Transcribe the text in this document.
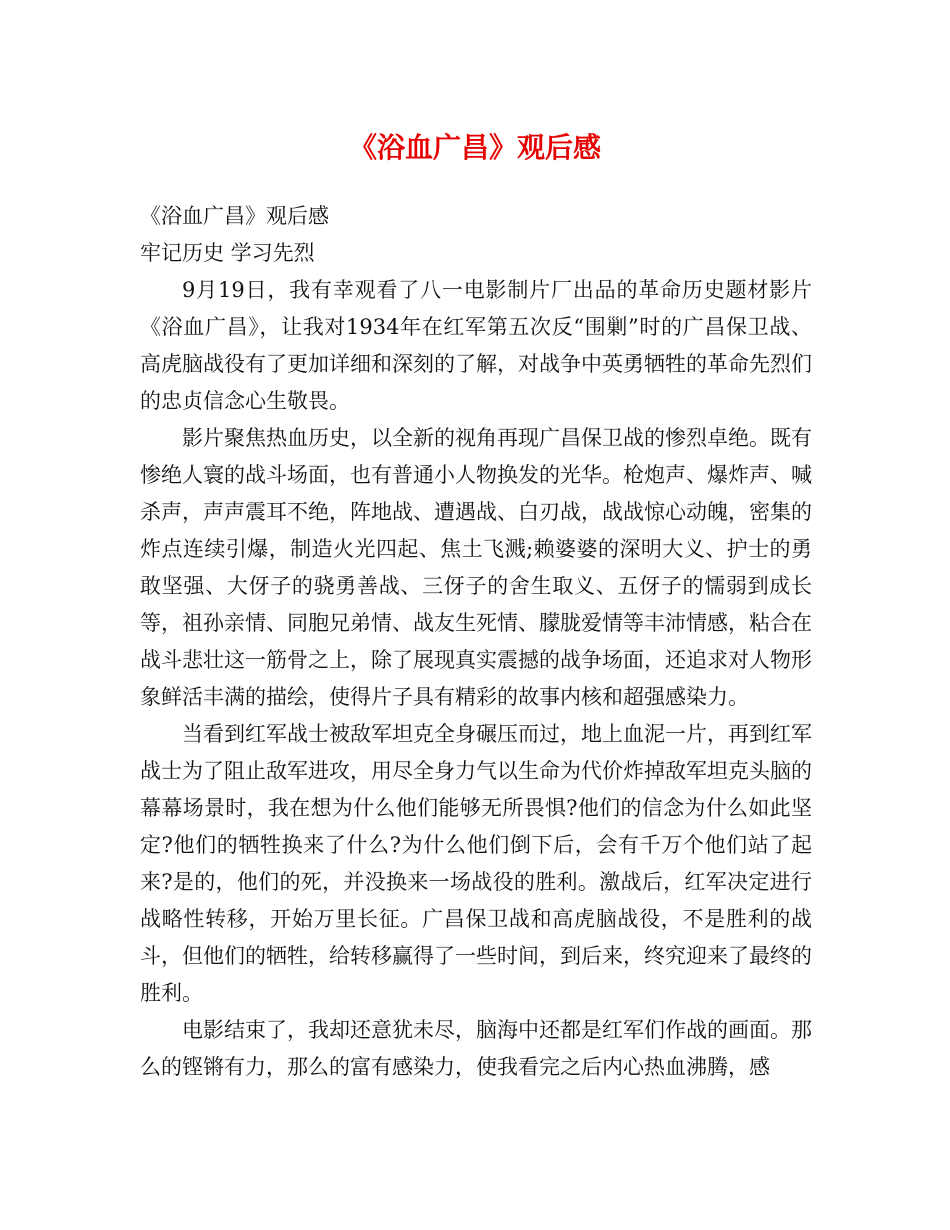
《浴血广昌》观后感

《浴血广昌》观后感

牢记历史 学习先烈

9月19日，我有幸观看了八一电影制片厂出品的革命历史题材影片《浴血广昌》，让我对1934年在红军第五次反“围剿”时的广昌保卫战、高虎脑战役有了更加详细和深刻的了解，对战争中英勇牺牲的革命先烈们的忠贞信念心生敬畏。

影片聚焦热血历史，以全新的视角再现广昌保卫战的惨烈卓绝。既有惨绝人寰的战斗场面，也有普通小人物换发的光华。枪炮声、爆炸声、喊杀声，声声震耳不绝，阵地战、遭遇战、白刃战，战战惊心动魄，密集的炸点连续引爆，制造火光四起、焦土飞溅;赖婆婆的深明大义、护士的勇敢坚强、大伢子的骁勇善战、三伢子的舍生取义、五伢子的懦弱到成长等，祖孙亲情、同胞兄弟情、战友生死情、朦胧爱情等丰沛情感，粘合在战斗悲壮这一筋骨之上，除了展现真实震撼的战争场面，还追求对人物形象鲜活丰满的描绘，使得片子具有精彩的故事内核和超强感染力。

当看到红军战士被敌军坦克全身碾压而过，地上血泥一片，再到红军战士为了阻止敌军进攻，用尽全身力气以生命为代价炸掉敌军坦克头脑的幕幕场景时，我在想为什么他们能够无所畏惧?他们的信念为什么如此坚定?他们的牺牲换来了什么?为什么他们倒下后，会有千万个他们站了起来?是的，他们的死，并没换来一场战役的胜利。激战后，红军决定进行战略性转移，开始万里长征。广昌保卫战和高虎脑战役，不是胜利的战斗，但他们的牺牲，给转移赢得了一些时间，到后来，终究迎来了最终的胜利。

电影结束了，我却还意犹未尽，脑海中还都是红军们作战的画面。那么的铿锵有力，那么的富有感染力，使我看完之后内心热血沸腾，感
